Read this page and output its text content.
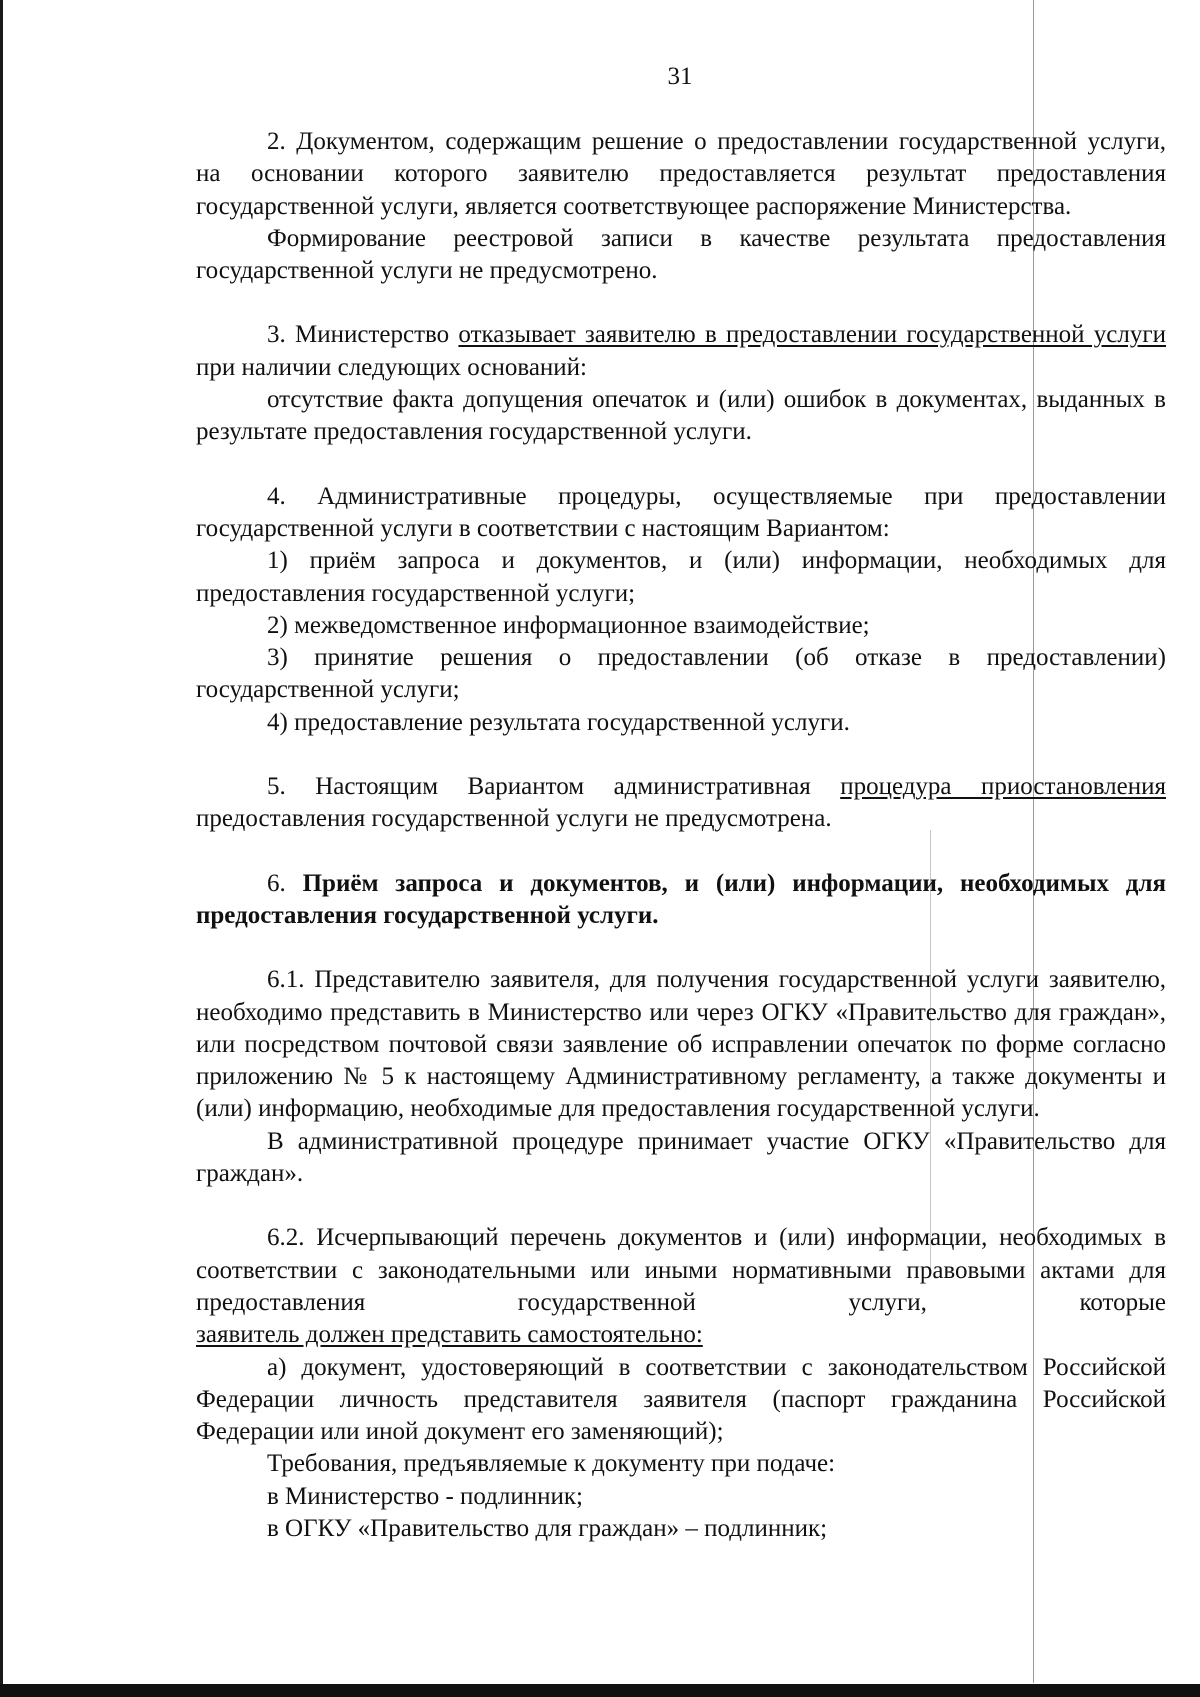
31

2. Документом, содержащим решение о предоставлении государственной услуги, на основании которого заявителю предоставляется результат предоставления государственной услуги, является соответствующее распоряжение Министерства.

Формирование реестровой записи в качестве результата предоставления государственной услуги не предусмотрено.

3. Министерство отказывает заявителю в предоставлении государственной услуги при наличии следующих оснований:

отсутствие факта допущения опечаток и (или) ошибок в документах, выданных в результате предоставления государственной услуги.

4. Административные процедуры, осуществляемые при предоставлении государственной услуги в соответствии с настоящим Вариантом:

1) приём запроса и документов, и (или) информации, необходимых для предоставления государственной услуги;

2) межведомственное информационное взаимодействие;

3) принятие решения о предоставлении (об отказе в предоставлении) государственной услуги;

4) предоставление результата государственной услуги.

5. Настоящим Вариантом административная процедура приостановления предоставления государственной услуги не предусмотрена.

6. Приём запроса и документов, и (или) информации, необходимых для предоставления государственной услуги.

6.1. Представителю заявителя, для получения государственной услуги заявителю, необходимо представить в Министерство или через ОГКУ «Правительство для граждан», или посредством почтовой связи заявление об исправлении опечаток по форме согласно приложению № 5 к настоящему Административному регламенту, а также документы и (или) информацию, необходимые для предоставления государственной услуги.

В административной процедуре принимает участие ОГКУ «Правительство для граждан».

6.2. Исчерпывающий перечень документов и (или) информации, необходимых в соответствии с законодательными или иными нормативными правовыми актами для предоставления государственной услуги, которые

заявитель должен представить самостоятельно:

а) документ, удостоверяющий в соответствии с законодательством Российской Федерации личность представителя заявителя (паспорт гражданина Российской Федерации или иной документ его заменяющий);

Требования, предъявляемые к документу при подаче:

в Министерство - подлинник;

в ОГКУ «Правительство для граждан» – подлинник;
